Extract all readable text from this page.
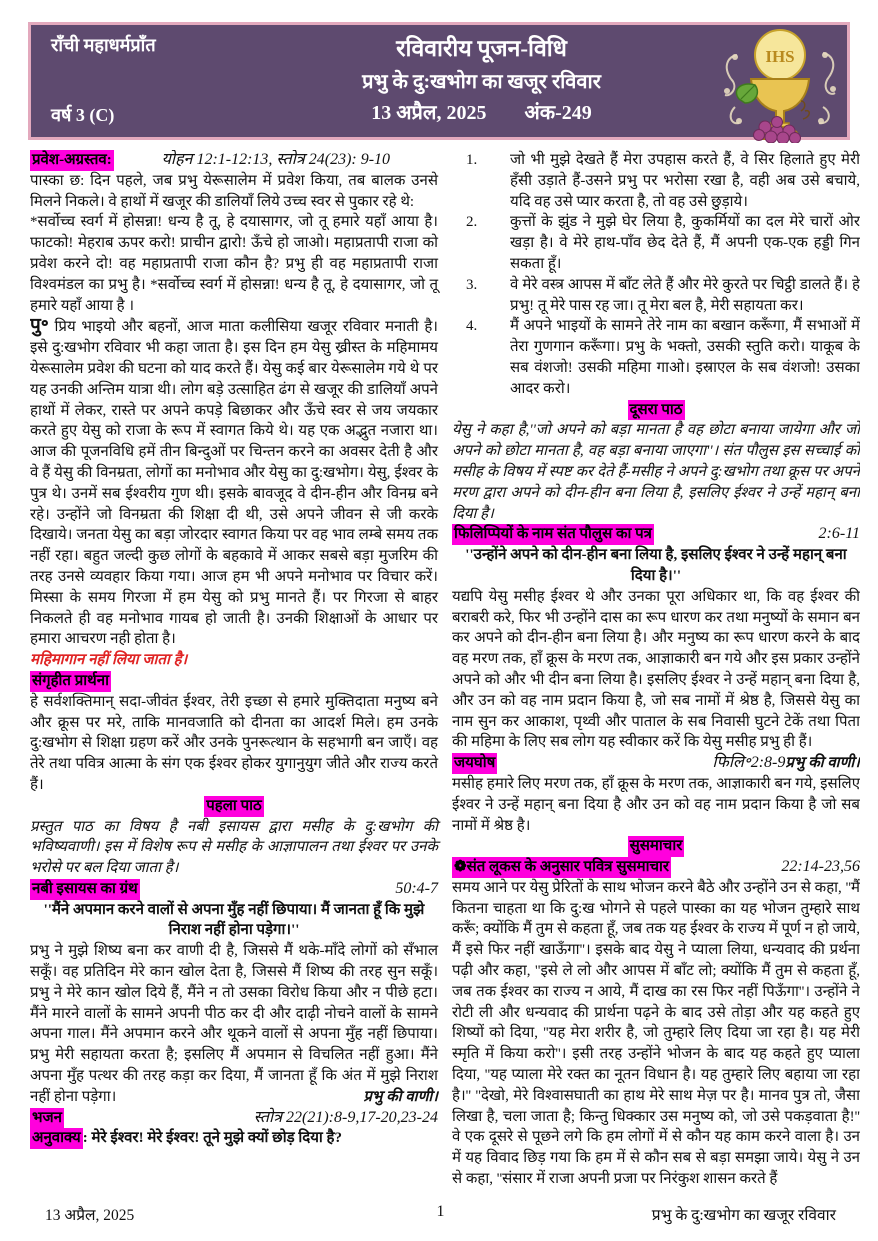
राँची महाधर्मप्राँत
वर्ष 3 (C)
रविवारीय पूजन-विधि
प्रभु के दु:खभोग का खजूर रविवार
13 अप्रैल, 2025 अंक-249
IHS
प्रवेश-अग्रस्तव:	योहन 12:1-12:13, स्तोत्र 24(23): 9-10

पास्का छ: दिन पहले, जब प्रभु येरूसालेम में प्रवेश किया, तब बालक उनसे मिलने निकले। वे हाथों में खजूर की डालियाँ लिये उच्च स्वर से पुकार रहे थे:

*सर्वोच्च स्वर्ग में होसन्ना! धन्य है तू, हे दयासागर, जो तू हमारे यहाँ आया है। फाटको! मेहराब ऊपर करो! प्राचीन द्वारो! ऊँचे हो जाओ। महाप्रतापी राजा को प्रवेश करने दो! वह महाप्रतापी राजा कौन है? प्रभु ही वह महाप्रतापी राजा विश्वमंडल का प्रभु है। *सर्वोच्च स्वर्ग में होसन्ना! धन्य है तू, हे दयासागर, जो तू हमारे यहाँ आया है ।

पु॰ प्रिय भाइयो और बहनों, आज माता कलीसिया खजूर रविवार मनाती है। इसे दु:खभोग रविवार भी कहा जाता है। इस दिन हम येसु ख्रीस्त के महिमामय येरूसालेम प्रवेश की घटना को याद करते हैं। येसु कई बार येरूसालेम गये थे पर यह उनकी अन्तिम यात्रा थी। लोग बड़े उत्साहित ढंग से खजूर की डालियाँ अपने हाथों में लेकर, रास्ते पर अपने कपड़े बिछाकर और ऊँचे स्वर से जय जयकार करते हुए येसु को राजा के रूप में स्वागत किये थे। यह एक अद्भुत नजारा था। आज की पूजनविधि हमें तीन बिन्दुओं पर चिन्तन करने का अवसर देती है और वे हैं येसु की विनम्रता, लोगों का मनोभाव और येसु का दु:खभोग। येसु, ईश्वर के पुत्र थे। उनमें सब ईश्वरीय गुण थी। इसके बावजूद वे दीन-हीन और विनम्र बने रहे। उन्होंने जो विनम्रता की शिक्षा दी थी, उसे अपने जीवन से जी करके दिखाये। जनता येसु का बड़ा जोरदार स्वागत किया पर वह भाव लम्बे समय तक नहीं रहा। बहुत जल्दी कुछ लोगों के बहकावे में आकर सबसे बड़ा मुजरिम की तरह उनसे व्यवहार किया गया। आज हम भी अपने मनोभाव पर विचार करें। मिस्सा के समय गिरजा में हम येसु को प्रभु मानते हैं। पर गिरजा से बाहर निकलते ही वह मनोभाव गायब हो जाती है। उनकी शिक्षाओं के आधार पर हमारा आचरण नही होता है।

महिमागान नहीं लिया जाता है।
संगृहीत प्रार्थना

हे सर्वशक्तिमान् सदा-जीवंत ईश्वर, तेरी इच्छा से हमारे मुक्तिदाता मनुष्य बने और क्रूस पर मरे, ताकि मानवजाति को दीनता का आदर्श मिले। हम उनके दु:खभोग से शिक्षा ग्रहण करें और उनके पुनरूत्थान के सहभागी बन जाएँ। वह तेरे तथा पवित्र आत्मा के संग एक ईश्वर होकर युगानुयुग जीते और राज्य करते हैं।

पहला पाठ

प्रस्तुत पाठ का विषय है नबी इसायस द्वारा मसीह के दु:खभोग की भविष्यवाणी। इस में विशेष रूप से मसीह के आज्ञापालन तथा ईश्वर पर उनके भरोसे पर बल दिया जाता है।

नबी इसायस का ग्रंथ	50:4-7

''मैंने अपमान करने वालों से अपना मुँह नहीं छिपाया। मैं जानता हूँ कि मुझे निराश नहीं होना पड़ेगा।''

प्रभु ने मुझे शिष्य बना कर वाणी दी है, जिससे मैं थके-माँदे लोगों को सँभाल सकूँ। वह प्रतिदिन मेरे कान खोल देता है, जिससे मैं शिष्य की तरह सुन सकूँ। प्रभु ने मेरे कान खोल दिये हैं, मैंने न तो उसका विरोध किया और न पीछे हटा। मैंने मारने वालों के सामने अपनी पीठ कर दी और दाढ़ी नोचने वालों के सामने अपना गाल। मैंने अपमान करने और थूकने वालों से अपना मुँह नहीं छिपाया। प्रभु मेरी सहायता करता है; इसलिए मैं अपमान से विचलित नहीं हुआ। मैंने अपना मुँह पत्थर की तरह कड़ा कर दिया, मैं जानता हूँ कि अंत में मुझे निराश नहीं होना पड़ेगा।	प्रभु की वाणी।

भजन	स्तोत्र 22(21):8-9,17-20,23-24

अनुवाक्य : मेरे ईश्वर! मेरे ईश्वर! तूने मुझे क्यों छोड़ दिया है?

1.	जो भी मुझे देखते हैं मेरा उपहास करते हैं, वे सिर हिलाते हुए मेरी हँसी उड़ाते हैं-उसने प्रभु पर भरोसा रखा है, वही अब उसे बचाये, यदि वह उसे प्यार करता है, तो वह उसे छुड़ाये।
2.	कुत्तों के झुंड ने मुझे घेर लिया है, कुकर्मियों का दल मेरे चारों ओर खड़ा है। वे मेरे हाथ-पाँव छेद देते हैं, मैं अपनी एक-एक हड्डी गिन सकता हूँ।
3.	वे मेरे वस्त्र आपस में बाँट लेते हैं और मेरे कुरते पर चिट्ठी डालते हैं। हे प्रभु! तू मेरे पास रह जा। तू मेरा बल है, मेरी सहायता कर।
4.	मैं अपने भाइयों के सामने तेरे नाम का बखान करूँगा, मैं सभाओं में तेरा गुणगान करूँगा। प्रभु के भक्तो, उसकी स्तुति करो। याकूब के सब वंशजो! उसकी महिमा गाओ। इस्राएल के सब वंशजो! उसका आदर करो।
दूसरा पाठ

येसु ने कहा है,''जो अपने को बड़ा मानता है वह छोटा बनाया जायेगा और जो अपने को छोटा मानता है, वह बड़ा बनाया जाएगा''। संत पौलुस इस सच्चाई को मसीह के विषय में स्पष्ट कर देते हैं-मसीह ने अपने दु:खभोग तथा क्रूस पर अपने मरण द्वारा अपने को दीन-हीन बना लिया है, इसलिए ईश्वर ने उन्हें महान् बना दिया है।

फिलिप्पियों के नाम संत पौलुस का पत्र	2:6-11

''उन्होंने अपने को दीन-हीन बना लिया है, इसलिए ईश्वर ने उन्हें महान् बना दिया है।''

यद्यपि येसु मसीह ईश्वर थे और उनका पूरा अधिकार था, कि वह ईश्वर की बराबरी करे, फिर भी उन्होंने दास का रूप धारण कर तथा मनुष्यों के समान बन कर अपने को दीन-हीन बना लिया है। और मनुष्य का रूप धारण करने के बाद वह मरण तक, हाँ क्रूस के मरण तक, आज्ञाकारी बन गये और इस प्रकार उन्होंने अपने को और भी दीन बना लिया है। इसलिए ईश्वर ने उन्हें महान् बना दिया है, और उन को वह नाम प्रदान किया है, जो सब नामों में श्रेष्ठ है, जिससे येसु का नाम सुन कर आकाश, पृथ्वी और पाताल के सब निवासी घुटने टेकें तथा पिता की महिमा के लिए सब लोग यह स्वीकार करें कि येसु मसीह प्रभु ही हैं।
प्रभु की वाणी।

जयघोष	फिलि॰2:8-9

मसीह हमारे लिए मरण तक, हाँ क्रूस के मरण तक, आज्ञाकारी बन गये, इसलिए ईश्वर ने उन्हें महान् बना दिया है और उन को वह नाम प्रदान किया है जो सब नामों में श्रेष्ठ है।

सुसमाचार
❁संत लूकस के अनुसार पवित्र सुसमाचार	22:14-23,56

समय आने पर येसु प्रेरितों के साथ भोजन करने बैठे और उन्होंने उन से कहा, ''मैं कितना चाहता था कि दु:ख भोगने से पहले पास्का का यह भोजन तुम्हारे साथ करूँ; क्योंकि मैं तुम से कहता हूँ, जब तक यह ईश्वर के राज्य में पूर्ण न हो जाये, मैं इसे फिर नहीं खाऊँगा''। इसके बाद येसु ने प्याला लिया, धन्यवाद की प्रर्थना पढ़ी और कहा, ''इसे ले लो और आपस में बाँट लो; क्योंकि मैं तुम से कहता हूँ, जब तक ईश्वर का राज्य न आये, मैं दाख का रस फिर नहीं पिऊँगा''। उन्होंने ने रोटी ली और धन्यवाद की प्रार्थना पढ़ने के बाद उसे तोड़ा और यह कहते हुए शिष्यों को दिया, ''यह मेरा शरीर है, जो तुम्हारे लिए दिया जा रहा है। यह मेरी स्मृति में किया करो''। इसी तरह उन्होंने भोजन के बाद यह कहते हुए प्याला दिया, ''यह प्याला मेरे रक्त का नूतन विधान है। यह तुम्हारे लिए बहाया जा रहा है।'' ''देखो, मेरे विश्वासघाती का हाथ मेरे साथ मेज़ पर है। मानव पुत्र तो, जैसा लिखा है, चला जाता है; किन्तु धिक्कार उस मनुष्य को, जो उसे पकड़वाता है!'' वे एक दूसरे से पूछने लगे कि हम लोगों में से कौन यह काम करने वाला है। उन में यह विवाद छिड़ गया कि हम में से कौन सब से बड़ा समझा जाये। येसु ने उन से कहा, ''संसार में राजा अपनी प्रजा पर निरंकुश शासन करते हैं

13 अप्रैल, 2025	1	प्रभु के दु:खभोग का खजूर रविवार
